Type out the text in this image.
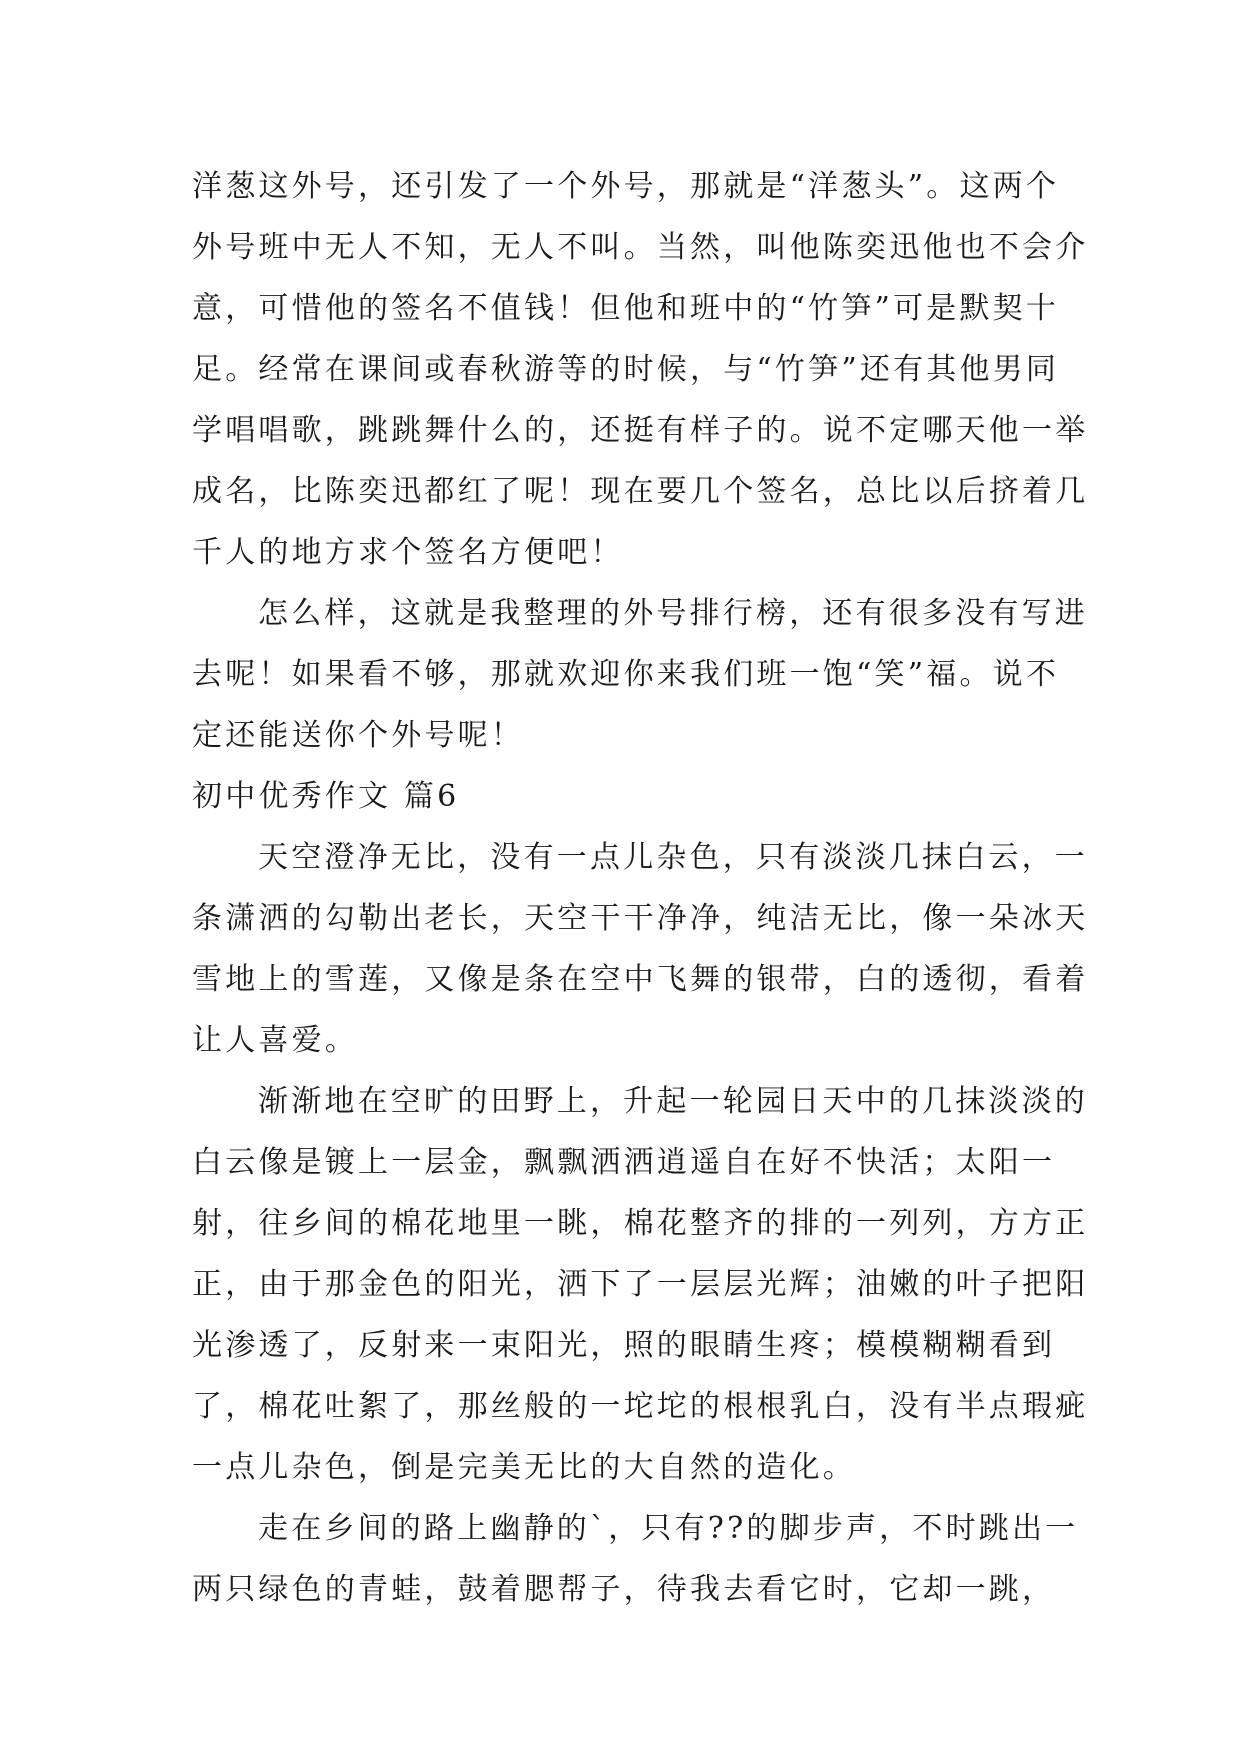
洋葱这外号，还引发了一个外号，那就是“洋葱头”。这两个外号班中无人不知，无人不叫。当然，叫他陈奕迅他也不会介意，可惜他的签名不值钱！但他和班中的“竹笋”可是默契十足。经常在课间或春秋游等的时候，与“竹笋”还有其他男同学唱唱歌，跳跳舞什么的，还挺有样子的。说不定哪天他一举成名，比陈奕迅都红了呢！现在要几个签名，总比以后挤着几千人的地方求个签名方便吧！

怎么样，这就是我整理的外号排行榜，还有很多没有写进去呢！如果看不够，那就欢迎你来我们班一饱“笑”福。说不定还能送你个外号呢！

初中优秀作文 篇6

天空澄净无比，没有一点儿杂色，只有淡淡几抹白云，一条潇洒的勾勒出老长，天空干干净净，纯洁无比，像一朵冰天雪地上的雪莲，又像是条在空中飞舞的银带，白的透彻，看着让人喜爱。

渐渐地在空旷的田野上，升起一轮园日天中的几抹淡淡的白云像是镀上一层金，飘飘洒洒逍遥自在好不快活；太阳一射，往乡间的棉花地里一眺，棉花整齐的排的一列列，方方正正，由于那金色的阳光，洒下了一层层光辉；油嫩的叶子把阳光渗透了，反射来一束阳光，照的眼睛生疼；模模糊糊看到了，棉花吐絮了，那丝般的一坨坨的根根乳白，没有半点瑕疵一点儿杂色，倒是完美无比的大自然的造化。

走在乡间的路上幽静的`，只有??的脚步声，不时跳出一两只绿色的青蛙，鼓着腮帮子，待我去看它时，它却一跳，
